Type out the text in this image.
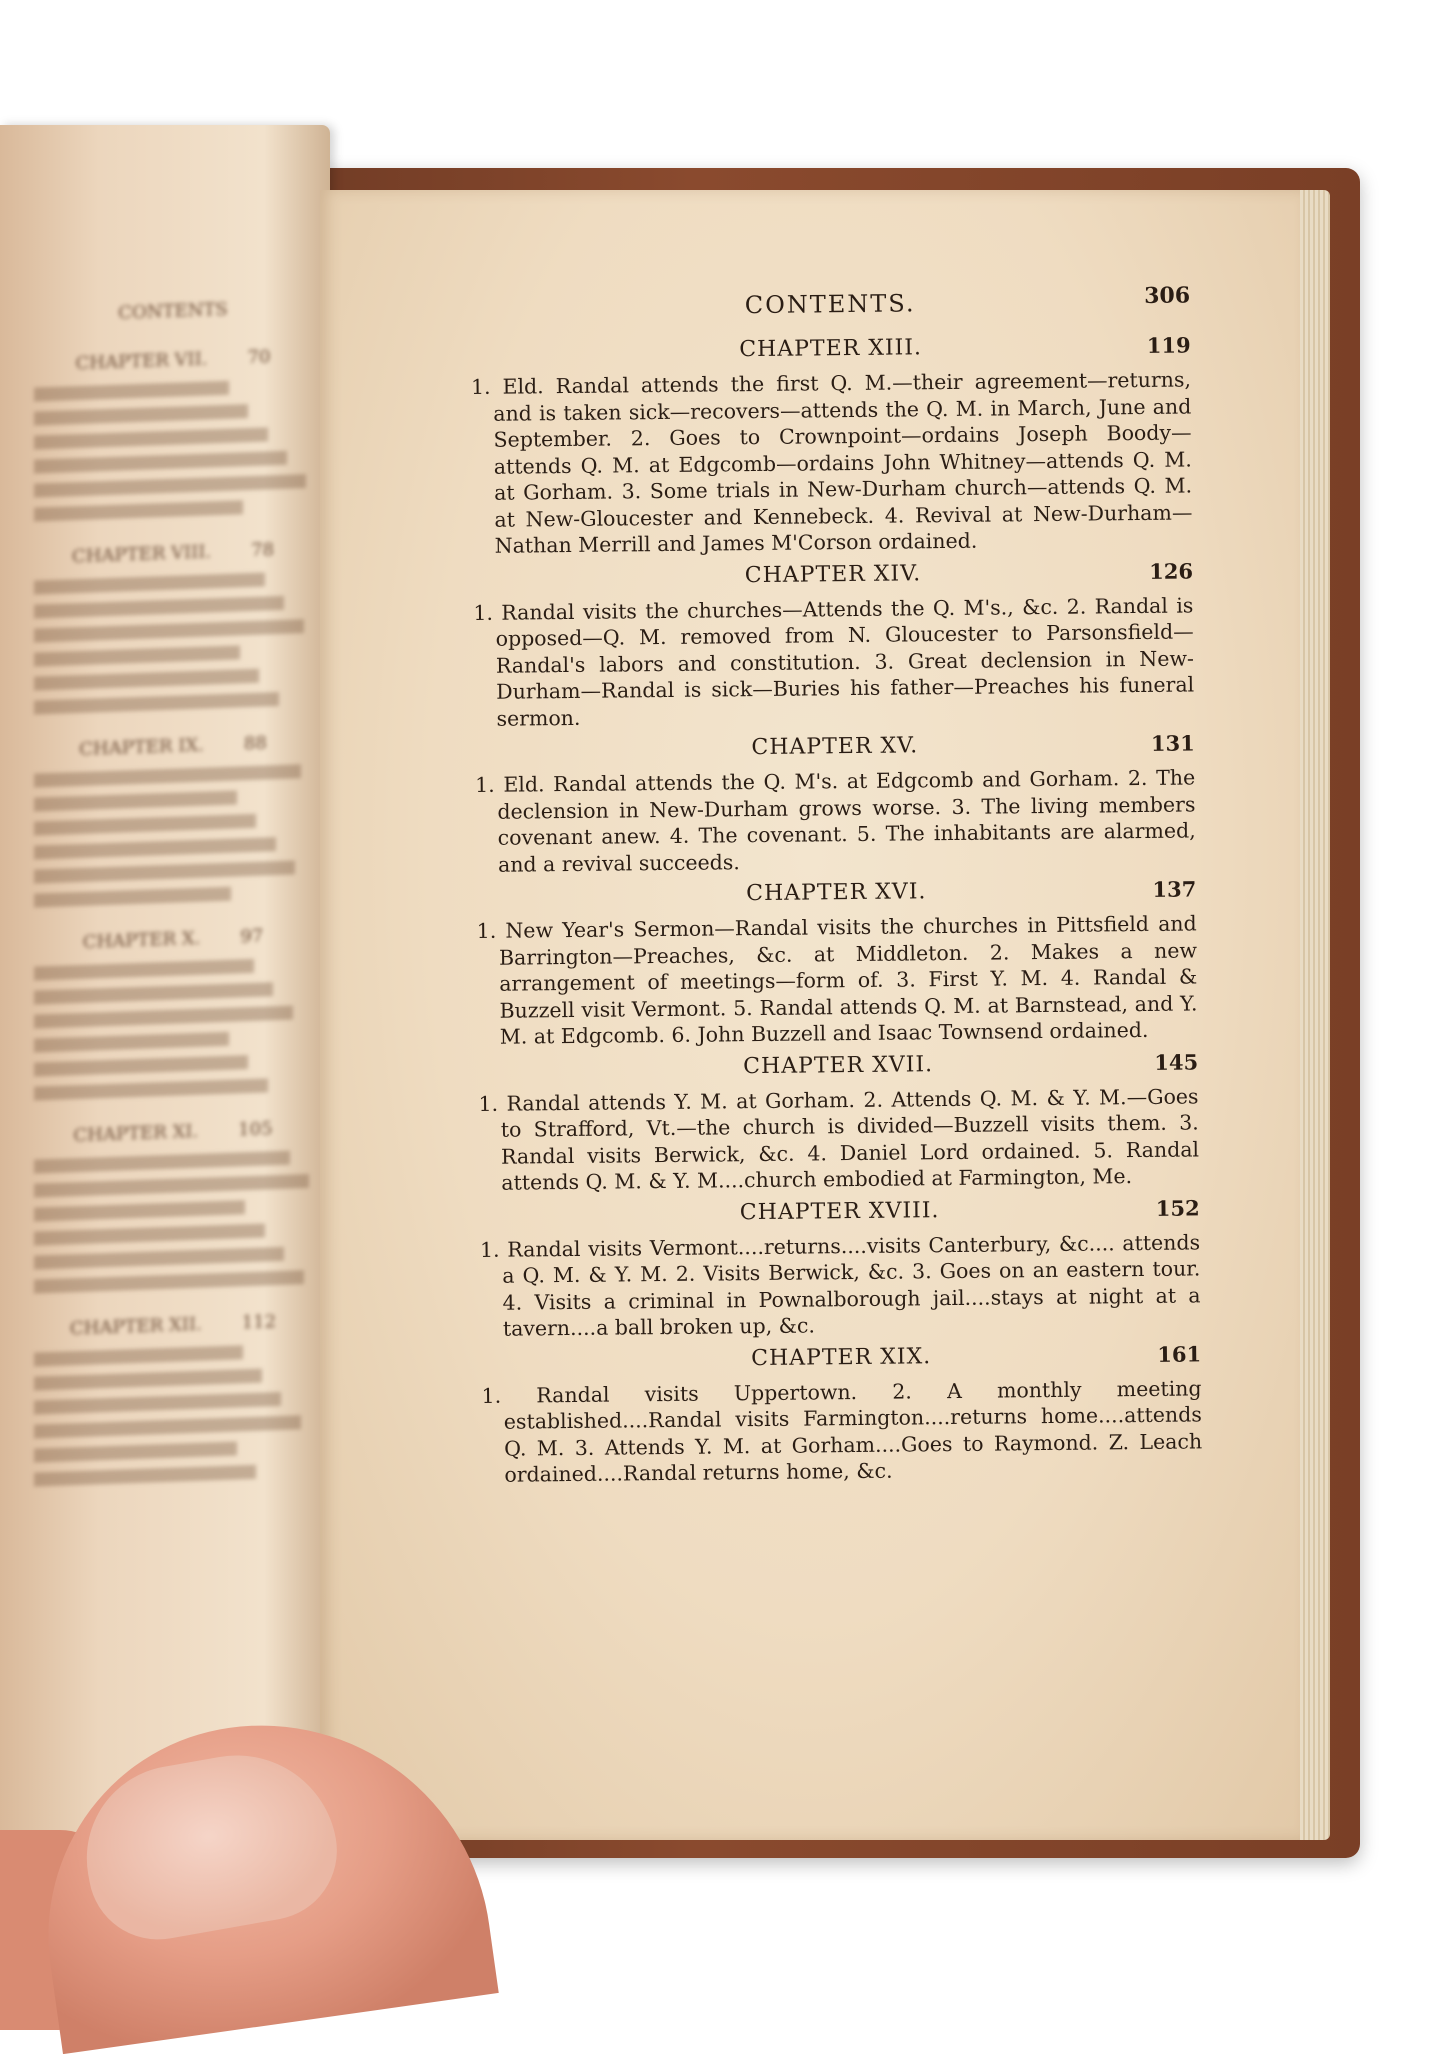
CONTENTS
CHAPTER VII. 70
CHAPTER VIII. 78
CHAPTER IX. 88
CHAPTER X. 97
CHAPTER XI. 105
CHAPTER XII. 112
CONTENTS.	306
CHAPTER XIII.	119

1. Eld. Randal attends the first Q. M.—their agreement—returns, and is taken sick—recovers—attends the Q. M. in March, June and September. 2. Goes to Crownpoint—ordains Joseph Boody—attends Q. M. at Edgcomb—ordains John Whitney—attends Q. M. at Gorham. 3. Some trials in New-Durham church—attends Q. M. at New-Gloucester and Kennebeck. 4. Revival at New-Durham—Nathan Merrill and James M'Corson ordained.

CHAPTER XIV.	126

1. Randal visits the churches—Attends the Q. M's., &c. 2. Randal is opposed—Q. M. removed from N. Gloucester to Parsonsfield—Randal's labors and constitution. 3. Great declension in New-Durham—Randal is sick—Buries his father—Preaches his funeral sermon.

CHAPTER XV.	131

1. Eld. Randal attends the Q. M's. at Edgcomb and Gorham. 2. The declension in New-Durham grows worse. 3. The living members covenant anew. 4. The covenant. 5. The inhabitants are alarmed, and a revival succeeds.

CHAPTER XVI.	137

1. New Year's Sermon—Randal visits the churches in Pittsfield and Barrington—Preaches, &c. at Middleton. 2. Makes a new arrangement of meetings—form of. 3. First Y. M. 4. Randal & Buzzell visit Vermont. 5. Randal attends Q. M. at Barnstead, and Y. M. at Edgcomb. 6. John Buzzell and Isaac Townsend ordained.

CHAPTER XVII.	145

1. Randal attends Y. M. at Gorham. 2. Attends Q. M. & Y. M.—Goes to Strafford, Vt.—the church is divided—Buzzell visits them. 3. Randal visits Berwick, &c. 4. Daniel Lord ordained. 5. Randal attends Q. M. & Y. M....church embodied at Farmington, Me.

CHAPTER XVIII.	152

1. Randal visits Vermont....returns....visits Canterbury, &c.... attends a Q. M. & Y. M. 2. Visits Berwick, &c. 3. Goes on an eastern tour. 4. Visits a criminal in Pownalborough jail....stays at night at a tavern....a ball broken up, &c.

CHAPTER XIX.	161

1. Randal visits Uppertown. 2. A monthly meeting established....Randal visits Farmington....returns home....attends Q. M. 3. Attends Y. M. at Gorham....Goes to Raymond. Z. Leach ordained....Randal returns home, &c.
